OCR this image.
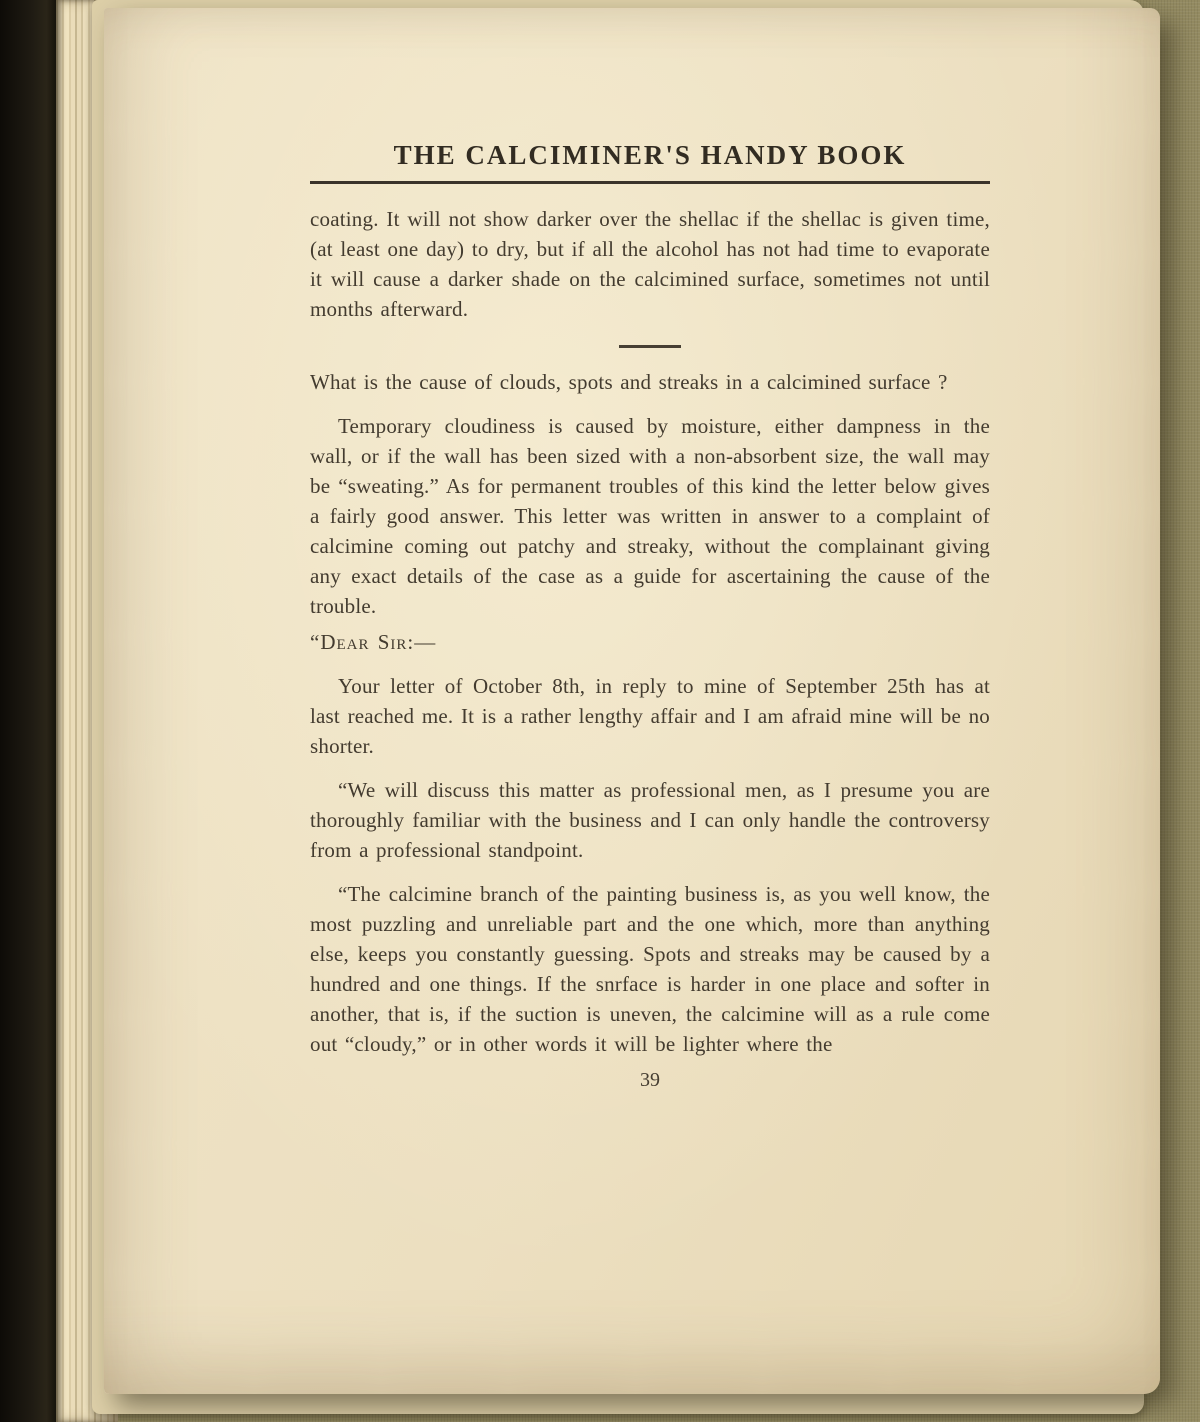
THE CALCIMINER'S HANDY BOOK

coating. It will not show darker over the shellac if the shellac is given time, (at least one day) to dry, but if all the alcohol has not had time to evaporate it will cause a darker shade on the calcimined surface, sometimes not until months afterward.

What is the cause of clouds, spots and streaks in a calcimined surface ?

Temporary cloudiness is caused by moisture, either dampness in the wall, or if the wall has been sized with a non-absorbent size, the wall may be “sweating.” As for permanent troubles of this kind the letter below gives a fairly good answer. This letter was written in answer to a complaint of calcimine coming out patchy and streaky, without the complainant giving any exact details of the case as a guide for ascertaining the cause of the trouble.

“Dear Sir:—

Your letter of October 8th, in reply to mine of September 25th has at last reached me. It is a rather lengthy affair and I am afraid mine will be no shorter.

“We will discuss this matter as professional men, as I presume you are thoroughly familiar with the business and I can only handle the controversy from a professional standpoint.

“The calcimine branch of the painting business is, as you well know, the most puzzling and unreliable part and the one which, more than anything else, keeps you constantly guessing. Spots and streaks may be caused by a hundred and one things. If the snrface is harder in one place and softer in another, that is, if the suction is uneven, the calcimine will as a rule come out “cloudy,” or in other words it will be lighter where the

39
